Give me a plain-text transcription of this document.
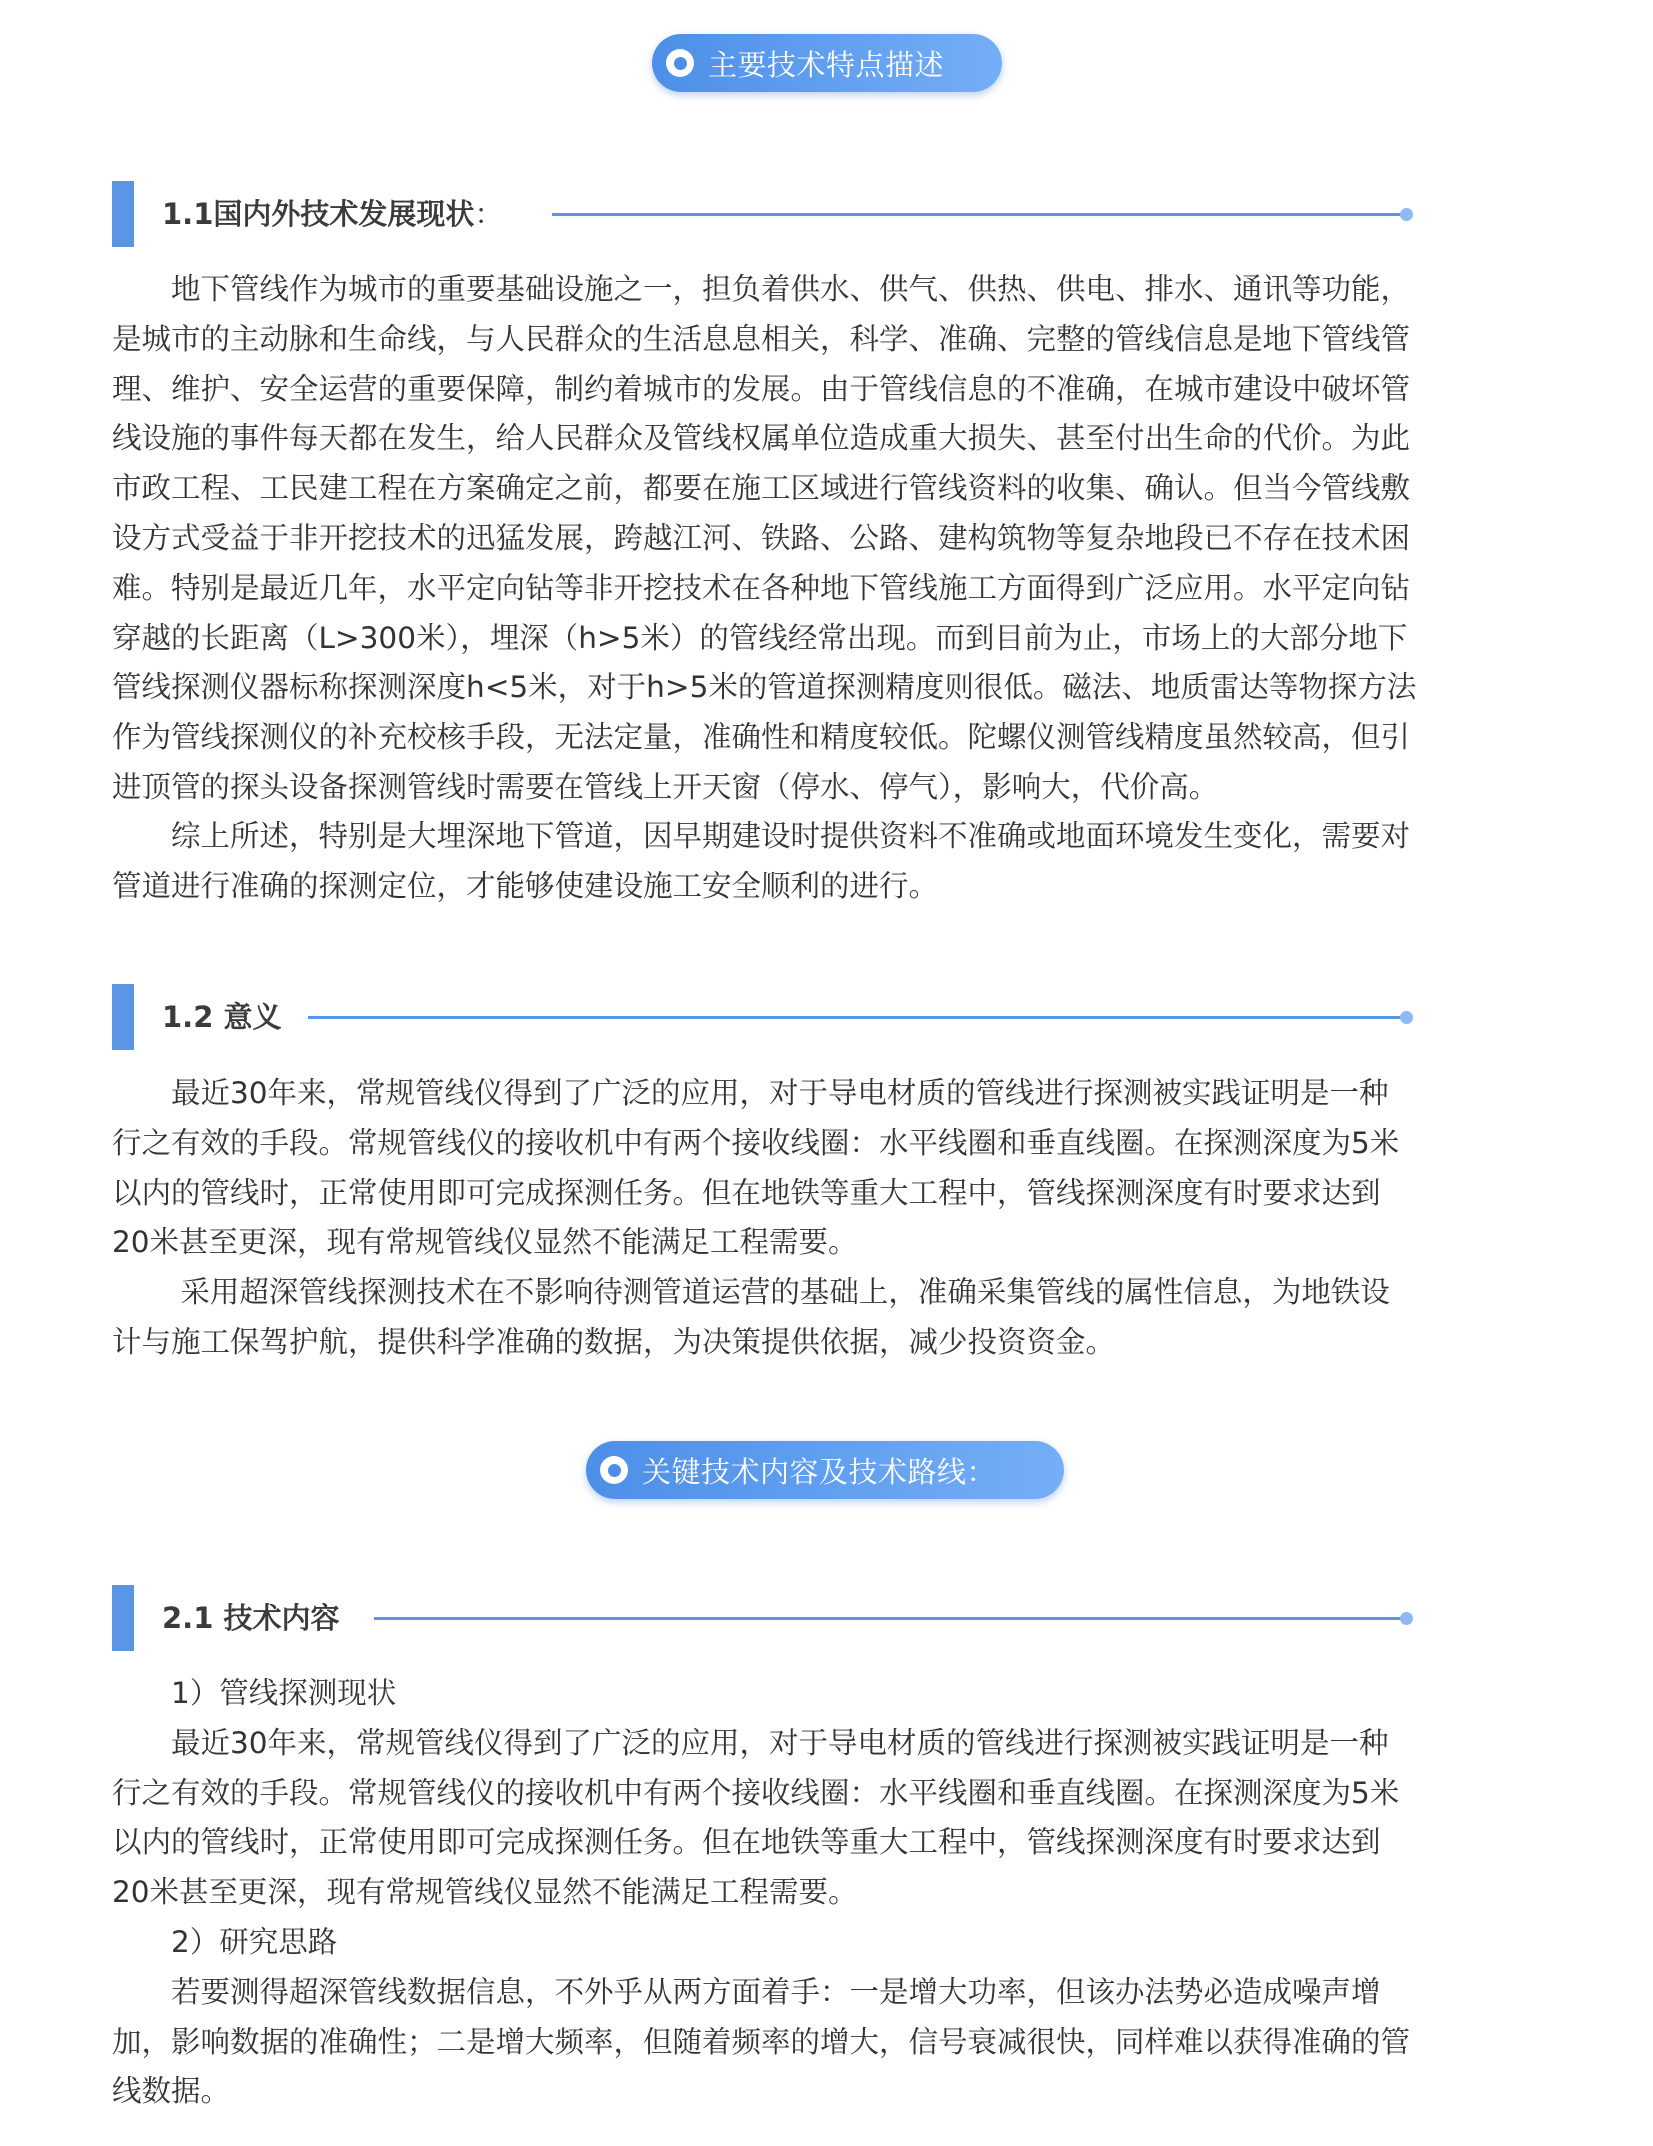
主要技术特点描述
1.1国内外技术发展现状：
　　地下管线作为城市的重要基础设施之一，担负着供水、供气、供热、供电、排水、通讯等功能，
是城市的主动脉和生命线，与人民群众的生活息息相关，科学、准确、完整的管线信息是地下管线管
理、维护、安全运营的重要保障，制约着城市的发展。由于管线信息的不准确，在城市建设中破坏管
线设施的事件每天都在发生，给人民群众及管线权属单位造成重大损失、甚至付出生命的代价。为此
市政工程、工民建工程在方案确定之前，都要在施工区域进行管线资料的收集、确认。但当今管线敷
设方式受益于非开挖技术的迅猛发展，跨越江河、铁路、公路、建构筑物等复杂地段已不存在技术困
难。特别是最近几年，水平定向钻等非开挖技术在各种地下管线施工方面得到广泛应用。水平定向钻
穿越的长距离（L>300米），埋深（h>5米）的管线经常出现。而到目前为止，市场上的大部分地下
管线探测仪器标称探测深度h<5米，对于h>5米的管道探测精度则很低。磁法、地质雷达等物探方法
作为管线探测仪的补充校核手段，无法定量，准确性和精度较低。陀螺仪测管线精度虽然较高，但引
进顶管的探头设备探测管线时需要在管线上开天窗（停水、停气），影响大，代价高。
　　综上所述，特别是大埋深地下管道，因早期建设时提供资料不准确或地面环境发生变化，需要对
管道进行准确的探测定位，才能够使建设施工安全顺利的进行。
1.2 意义
　　最近30年来，常规管线仪得到了广泛的应用，对于导电材质的管线进行探测被实践证明是一种
行之有效的手段。常规管线仪的接收机中有两个接收线圈：水平线圈和垂直线圈。在探测深度为5米
以内的管线时，正常使用即可完成探测任务。但在地铁等重大工程中，管线探测深度有时要求达到
20米甚至更深，现有常规管线仪显然不能满足工程需要。
　　 采用超深管线探测技术在不影响待测管道运营的基础上，准确采集管线的属性信息，为地铁设
计与施工保驾护航，提供科学准确的数据，为决策提供依据，减少投资资金。
关键技术内容及技术路线：
2.1 技术内容
　　1）管线探测现状
　　最近30年来，常规管线仪得到了广泛的应用，对于导电材质的管线进行探测被实践证明是一种
行之有效的手段。常规管线仪的接收机中有两个接收线圈：水平线圈和垂直线圈。在探测深度为5米
以内的管线时，正常使用即可完成探测任务。但在地铁等重大工程中，管线探测深度有时要求达到
20米甚至更深，现有常规管线仪显然不能满足工程需要。
　　2）研究思路
　　若要测得超深管线数据信息，不外乎从两方面着手：一是增大功率，但该办法势必造成噪声增
加，影响数据的准确性；二是增大频率，但随着频率的增大，信号衰减很快，同样难以获得准确的管
线数据。
